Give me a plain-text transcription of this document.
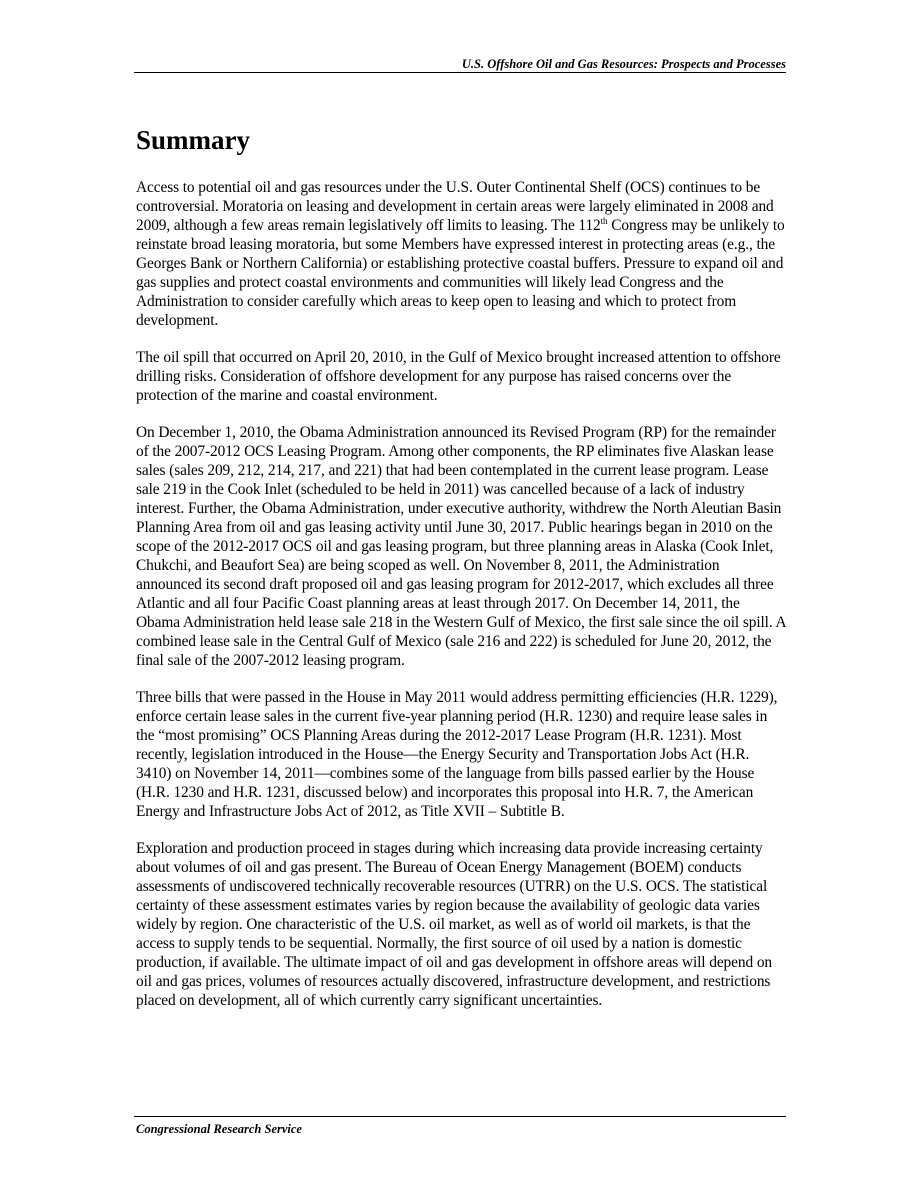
U.S. Offshore Oil and Gas Resources: Prospects and Processes
Summary

Access to potential oil and gas resources under the U.S. Outer Continental Shelf (OCS) continues to be controversial. Moratoria on leasing and development in certain areas were largely eliminated in 2008 and 2009, although a few areas remain legislatively off limits to leasing. The 112th Congress may be unlikely to reinstate broad leasing moratoria, but some Members have expressed interest in protecting areas (e.g., the Georges Bank or Northern California) or establishing protective coastal buffers. Pressure to expand oil and gas supplies and protect coastal environments and communities will likely lead Congress and the Administration to consider carefully which areas to keep open to leasing and which to protect from development.

The oil spill that occurred on April 20, 2010, in the Gulf of Mexico brought increased attention to offshore drilling risks. Consideration of offshore development for any purpose has raised concerns over the protection of the marine and coastal environment.

On December 1, 2010, the Obama Administration announced its Revised Program (RP) for the remainder of the 2007-2012 OCS Leasing Program. Among other components, the RP eliminates five Alaskan lease sales (sales 209, 212, 214, 217, and 221) that had been contemplated in the current lease program. Lease sale 219 in the Cook Inlet (scheduled to be held in 2011) was cancelled because of a lack of industry interest. Further, the Obama Administration, under executive authority, withdrew the North Aleutian Basin Planning Area from oil and gas leasing activity until June 30, 2017. Public hearings began in 2010 on the scope of the 2012-2017 OCS oil and gas leasing program, but three planning areas in Alaska (Cook Inlet, Chukchi, and Beaufort Sea) are being scoped as well. On November 8, 2011, the Administration announced its second draft proposed oil and gas leasing program for 2012-2017, which excludes all three Atlantic and all four Pacific Coast planning areas at least through 2017. On December 14, 2011, the Obama Administration held lease sale 218 in the Western Gulf of Mexico, the first sale since the oil spill. A combined lease sale in the Central Gulf of Mexico (sale 216 and 222) is scheduled for June 20, 2012, the final sale of the 2007-2012 leasing program.

Three bills that were passed in the House in May 2011 would address permitting efficiencies (H.R. 1229), enforce certain lease sales in the current five-year planning period (H.R. 1230) and require lease sales in the “most promising” OCS Planning Areas during the 2012-2017 Lease Program (H.R. 1231). Most recently, legislation introduced in the House—the Energy Security and Transportation Jobs Act (H.R. 3410) on November 14, 2011—combines some of the language from bills passed earlier by the House (H.R. 1230 and H.R. 1231, discussed below) and incorporates this proposal into H.R. 7, the American Energy and Infrastructure Jobs Act of 2012, as Title XVII – Subtitle B.

Exploration and production proceed in stages during which increasing data provide increasing certainty about volumes of oil and gas present. The Bureau of Ocean Energy Management (BOEM) conducts assessments of undiscovered technically recoverable resources (UTRR) on the U.S. OCS. The statistical certainty of these assessment estimates varies by region because the availability of geologic data varies widely by region. One characteristic of the U.S. oil market, as well as of world oil markets, is that the access to supply tends to be sequential. Normally, the first source of oil used by a nation is domestic production, if available. The ultimate impact of oil and gas development in offshore areas will depend on oil and gas prices, volumes of resources actually discovered, infrastructure development, and restrictions placed on development, all of which currently carry significant uncertainties.

Congressional Research Service
